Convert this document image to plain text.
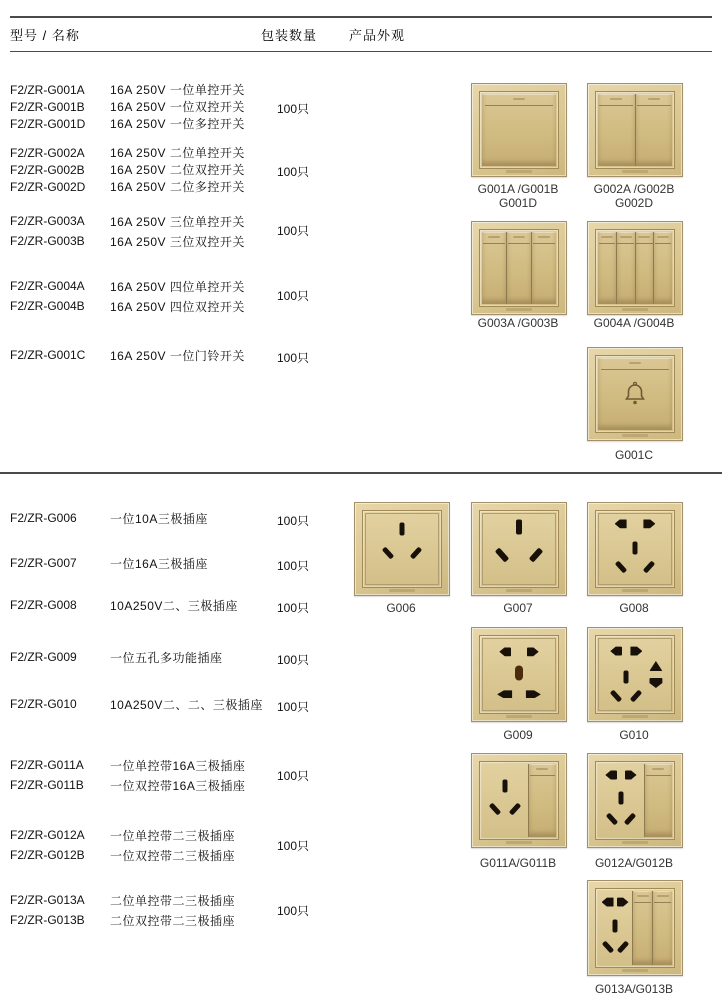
型号 / 名称	包装数量 产品外观
F2/ZR-G001A	16A 250V 一位单控开关
F2/ZR-G001B	16A 250V 一位双控开关
F2/ZR-G001D	16A 250V 一位多控开关
100只
F2/ZR-G002A	16A 250V 二位单控开关
F2/ZR-G002B	16A 250V 二位双控开关
F2/ZR-G002D	16A 250V 二位多控开关
100只
F2/ZR-G003A	16A 250V 三位单控开关
F2/ZR-G003B	16A 250V 三位双控开关
100只
F2/ZR-G004A	16A 250V 四位单控开关
F2/ZR-G004B	16A 250V 四位双控开关
100只
F2/ZR-G001C	16A 250V 一位门铃开关	100只
F2/ZR-G006	一位10A三极插座	100只
F2/ZR-G007	一位16A三极插座	100只
F2/ZR-G008	10A250V二、三极插座	100只
F2/ZR-G009	一位五孔多功能插座	100只
F2/ZR-G010	10A250V二、二、三极插座 100只
F2/ZR-G011A	一位单控带16A三极插座
F2/ZR-G011B	一位双控带16A三极插座
100只
F2/ZR-G012A	一位单控带二三极插座
F2/ZR-G012B	一位双控带二三极插座
100只
F2/ZR-G013A	二位单控带二三极插座
F2/ZR-G013B	二位双控带二三极插座
100只
G001A /G001B
G001D
G002A /G002B
G002D
G003A /G003B	G004A /G004B
G001C
G006	G007	G008
G009	G010
G011A/G011B	G012A/G012B
G013A/G013B
